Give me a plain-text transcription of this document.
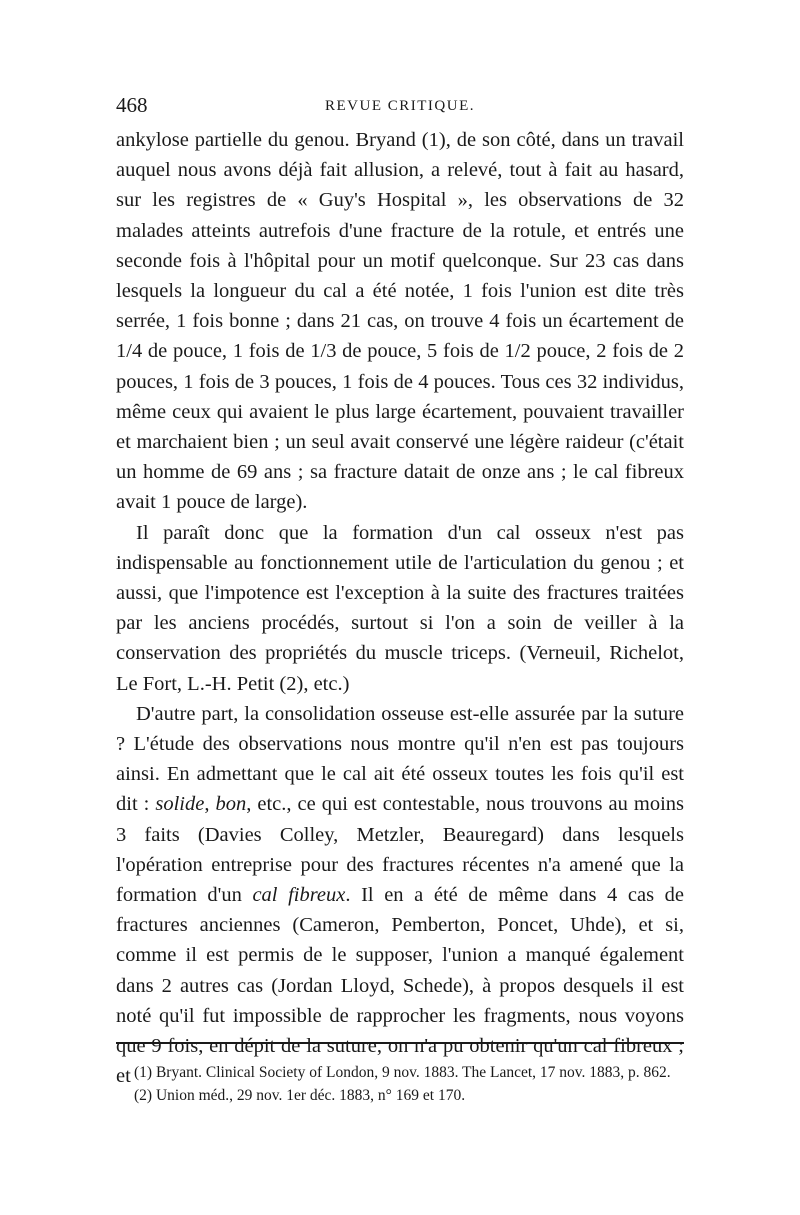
468	REVUE CRITIQUE.

ankylose partielle du genou. Bryand (1), de son côté, dans un travail auquel nous avons déjà fait allusion, a relevé, tout à fait au hasard, sur les registres de « Guy's Hospital », les observations de 32 malades atteints autrefois d'une fracture de la rotule, et entrés une seconde fois à l'hôpital pour un motif quelconque. Sur 23 cas dans lesquels la longueur du cal a été notée, 1 fois l'union est dite très serrée, 1 fois bonne ; dans 21 cas, on trouve 4 fois un écartement de 1/4 de pouce, 1 fois de 1/3 de pouce, 5 fois de 1/2 pouce, 2 fois de 2 pouces, 1 fois de 3 pouces, 1 fois de 4 pouces. Tous ces 32 individus, même ceux qui avaient le plus large écartement, pouvaient travailler et marchaient bien ; un seul avait conservé une légère raideur (c'était un homme de 69 ans ; sa fracture datait de onze ans ; le cal fibreux avait 1 pouce de large).

Il paraît donc que la formation d'un cal osseux n'est pas indispensable au fonctionnement utile de l'articulation du genou ; et aussi, que l'impotence est l'exception à la suite des fractures traitées par les anciens procédés, surtout si l'on a soin de veiller à la conservation des propriétés du muscle triceps. (Verneuil, Richelot, Le Fort, L.-H. Petit (2), etc.)

D'autre part, la consolidation osseuse est-elle assurée par la suture ? L'étude des observations nous montre qu'il n'en est pas toujours ainsi. En admettant que le cal ait été osseux toutes les fois qu'il est dit : solide, bon, etc., ce qui est contestable, nous trouvons au moins 3 faits (Davies Colley, Metzler, Beauregard) dans lesquels l'opération entreprise pour des fractures récentes n'a amené que la formation d'un cal fibreux. Il en a été de même dans 4 cas de fractures anciennes (Cameron, Pemberton, Poncet, Uhde), et si, comme il est permis de le supposer, l'union a manqué également dans 2 autres cas (Jordan Lloyd, Schede), à propos desquels il est noté qu'il fut impossible de rapprocher les fragments, nous voyons que 9 fois, en dépit de la suture, on n'a pu obtenir qu'un cal fibreux ; et (1) Bryant. Clinical Society of London, 9 nov. 1883. The Lancet, 17 nov. 1883, p. 862.

(2) Union méd., 29 nov. 1er déc. 1883, n° 169 et 170.
